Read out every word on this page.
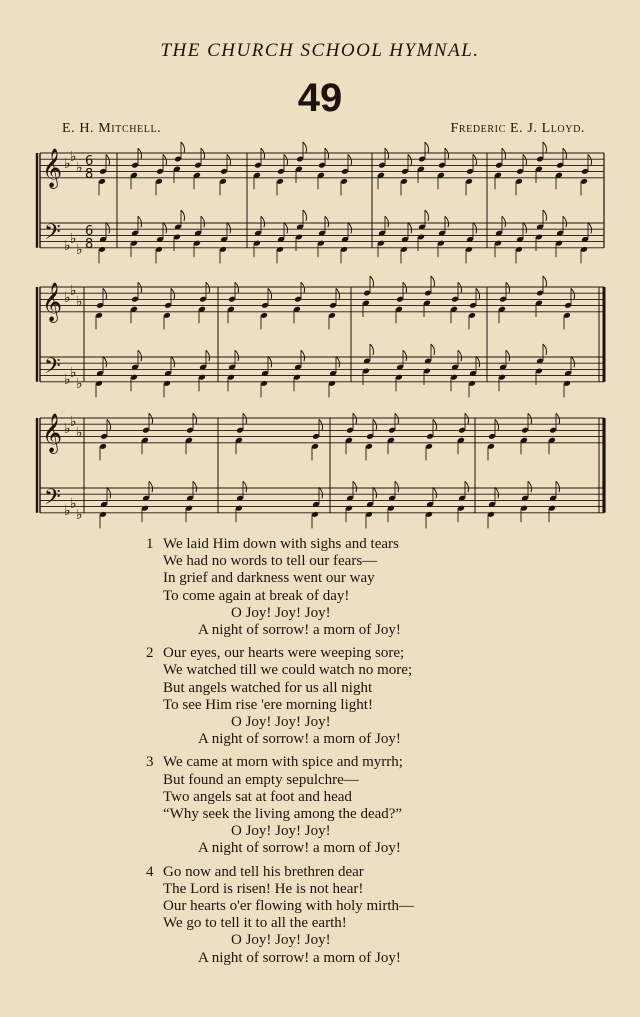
THE CHURCH SCHOOL HYMNAL.
49
E. H. Mitchell.	Frederic E. J. Lloyd.
𝄞
𝄢
♭ ♭
♭
♭ ♭
♭
6
8
6
8
𝄞
𝄢
♭ ♭
♭
♭ ♭
♭
𝄞
𝄢
♭ ♭
♭
♭ ♭
♭
1 We laid Him down with sighs and tears
We had no words to tell our fears—
In grief and darkness went our way
To come again at break of day!
O Joy! Joy! Joy!
A night of sorrow! a morn of Joy!
2 Our eyes, our hearts were weeping sore;
We watched till we could watch no more;
But angels watched for us all night
To see Him rise 'ere morning light!
O Joy! Joy! Joy!
A night of sorrow! a morn of Joy!
3 We came at morn with spice and myrrh;
But found an empty sepulchre—
Two angels sat at foot and head
“Why seek the living among the dead?”
O Joy! Joy! Joy!
A night of sorrow! a morn of Joy!
4 Go now and tell his brethren dear
The Lord is risen! He is not hear!
Our hearts o'er flowing with holy mirth—
We go to tell it to all the earth!
O Joy! Joy! Joy!
A night of sorrow! a morn of Joy!
